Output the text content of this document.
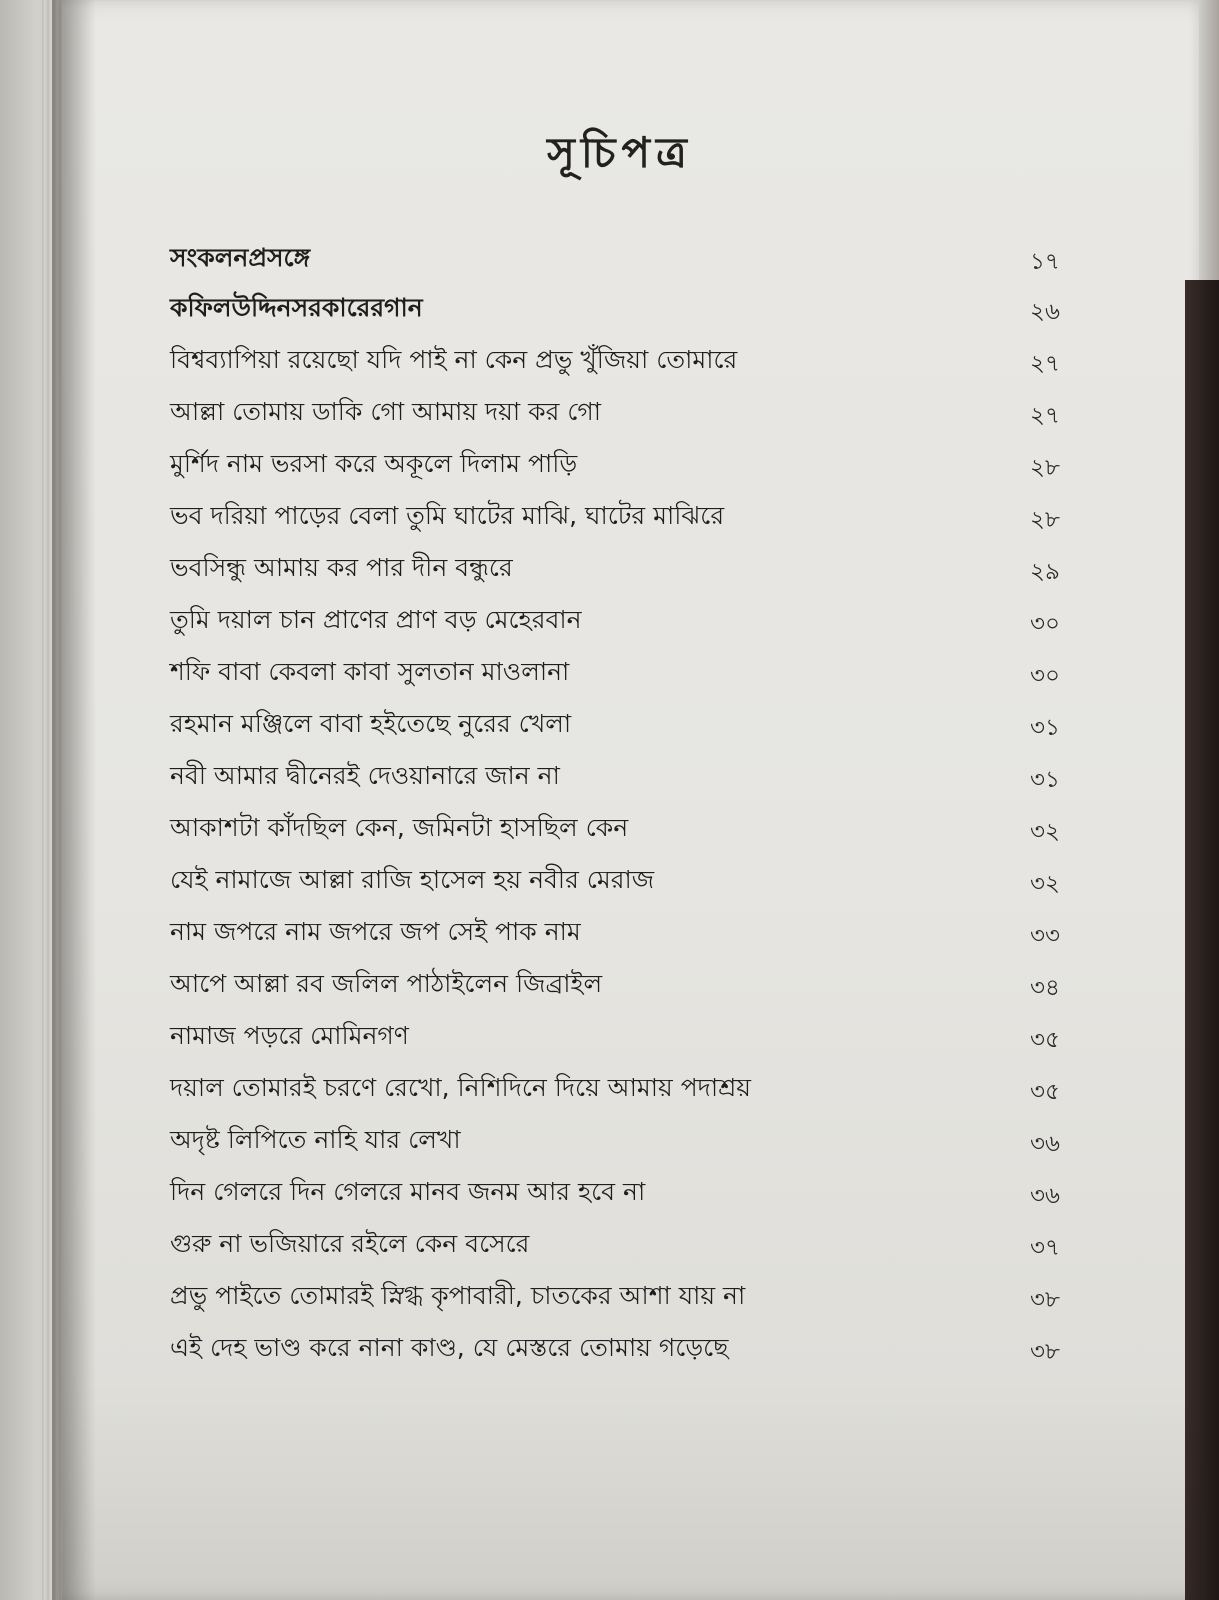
সূচিপত্র
সংকলনপ্রসঙ্গে	১৭
কফিলউদ্দিনসরকারেরগান	২৬
বিশ্বব্যাপিয়া রয়েছো যদি পাই না কেন প্রভু খুঁজিয়া তোমারে	২৭
আল্লা তোমায় ডাকি গো আমায় দয়া কর গো	২৭
মুর্শিদ নাম ভরসা করে অকূলে দিলাম পাড়ি	২৮
ভব দরিয়া পাড়ের বেলা তুমি ঘাটের মাঝি, ঘাটের মাঝিরে	২৮
ভবসিন্ধু আমায় কর পার দীন বন্ধুরে	২৯
তুমি দয়াল চান প্রাণের প্রাণ বড় মেহেরবান	৩০
শফি বাবা কেবলা কাবা সুলতান মাওলানা	৩০
রহমান মঞ্জিলে বাবা হইতেছে নুরের খেলা	৩১
নবী আমার দ্বীনেরই দেওয়ানারে জান না	৩১
আকাশটা কাঁদছিল কেন, জমিনটা হাসছিল কেন	৩২
যেই নামাজে আল্লা রাজি হাসেল হয় নবীর মেরাজ	৩২
নাম জপরে নাম জপরে জপ সেই পাক নাম	৩৩
আপে আল্লা রব জলিল পাঠাইলেন জিব্রাইল	৩৪
নামাজ পড়রে মোমিনগণ	৩৫
দয়াল তোমারই চরণে রেখো, নিশিদিনে দিয়ে আমায় পদাশ্রয়	৩৫
অদৃষ্ট লিপিতে নাহি যার লেখা	৩৬
দিন গেলরে দিন গেলরে মানব জনম আর হবে না	৩৬
গুরু না ভজিয়ারে রইলে কেন বসেরে	৩৭
প্রভু পাইতে তোমারই স্নিগ্ধ কৃপাবারী, চাতকের আশা যায় না	৩৮
এই দেহ ভাণ্ড করে নানা কাণ্ড, যে মেস্তরে তোমায় গড়েছে	৩৮
